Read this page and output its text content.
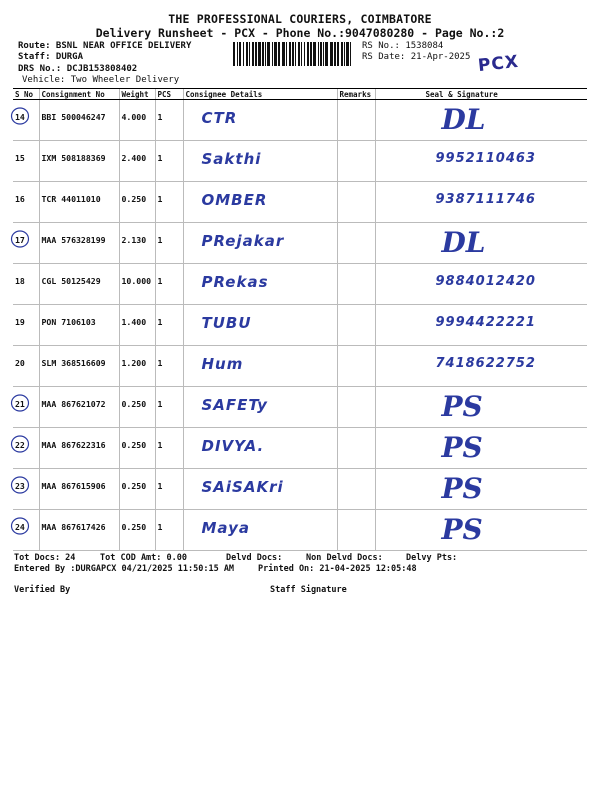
THE PROFESSIONAL COURIERS, COIMBATORE
Delivery Runsheet - PCX - Phone No.:9047080280 - Page No.:2
Route: BSNL NEAR OFFICE DELIVERY
Staff: DURGA
DRS No.: DCJB153808402
Vehicle: Two Wheeler Delivery
RS No.: 1538084
RS Date: 21-Apr-2025 PCX
S No	Consignment No	Weight	PCS	Consignee Details	Remarks	Seal & Signature
14	BBI 500046247	4.000	1	CTR		DL

15	IXM 508188369	2.400	1	Sakthi		9952110463

16	TCR 44011010	0.250	1	OMBER		9387111746

17	MAA 576328199	2.130	1	PRejakar		DL

18	CGL 50125429	10.000	1	PRekas		9884012420

19	PON 7106103	1.400	1	TUBU		9994422221

20	SLM 368516609	1.200	1	Hum		7418622752

21	MAA 867621072	0.250	1	SAFETy		PS

22	MAA 867622316	0.250	1	DIVYA.		PS

23	MAA 867615906	0.250	1	SAiSAKri		PS

24	MAA 867617426	0.250	1	Maya		PS
Tot Docs: 24	Tot COD Amt: 0.00	Delvd Docs:	Non Delvd Docs:	Delvy Pts:
Entered By :DURGAPCX 04/21/2025 11:50:15 AM	Printed On: 21-04-2025 12:05:48
Verified By	Staff Signature
